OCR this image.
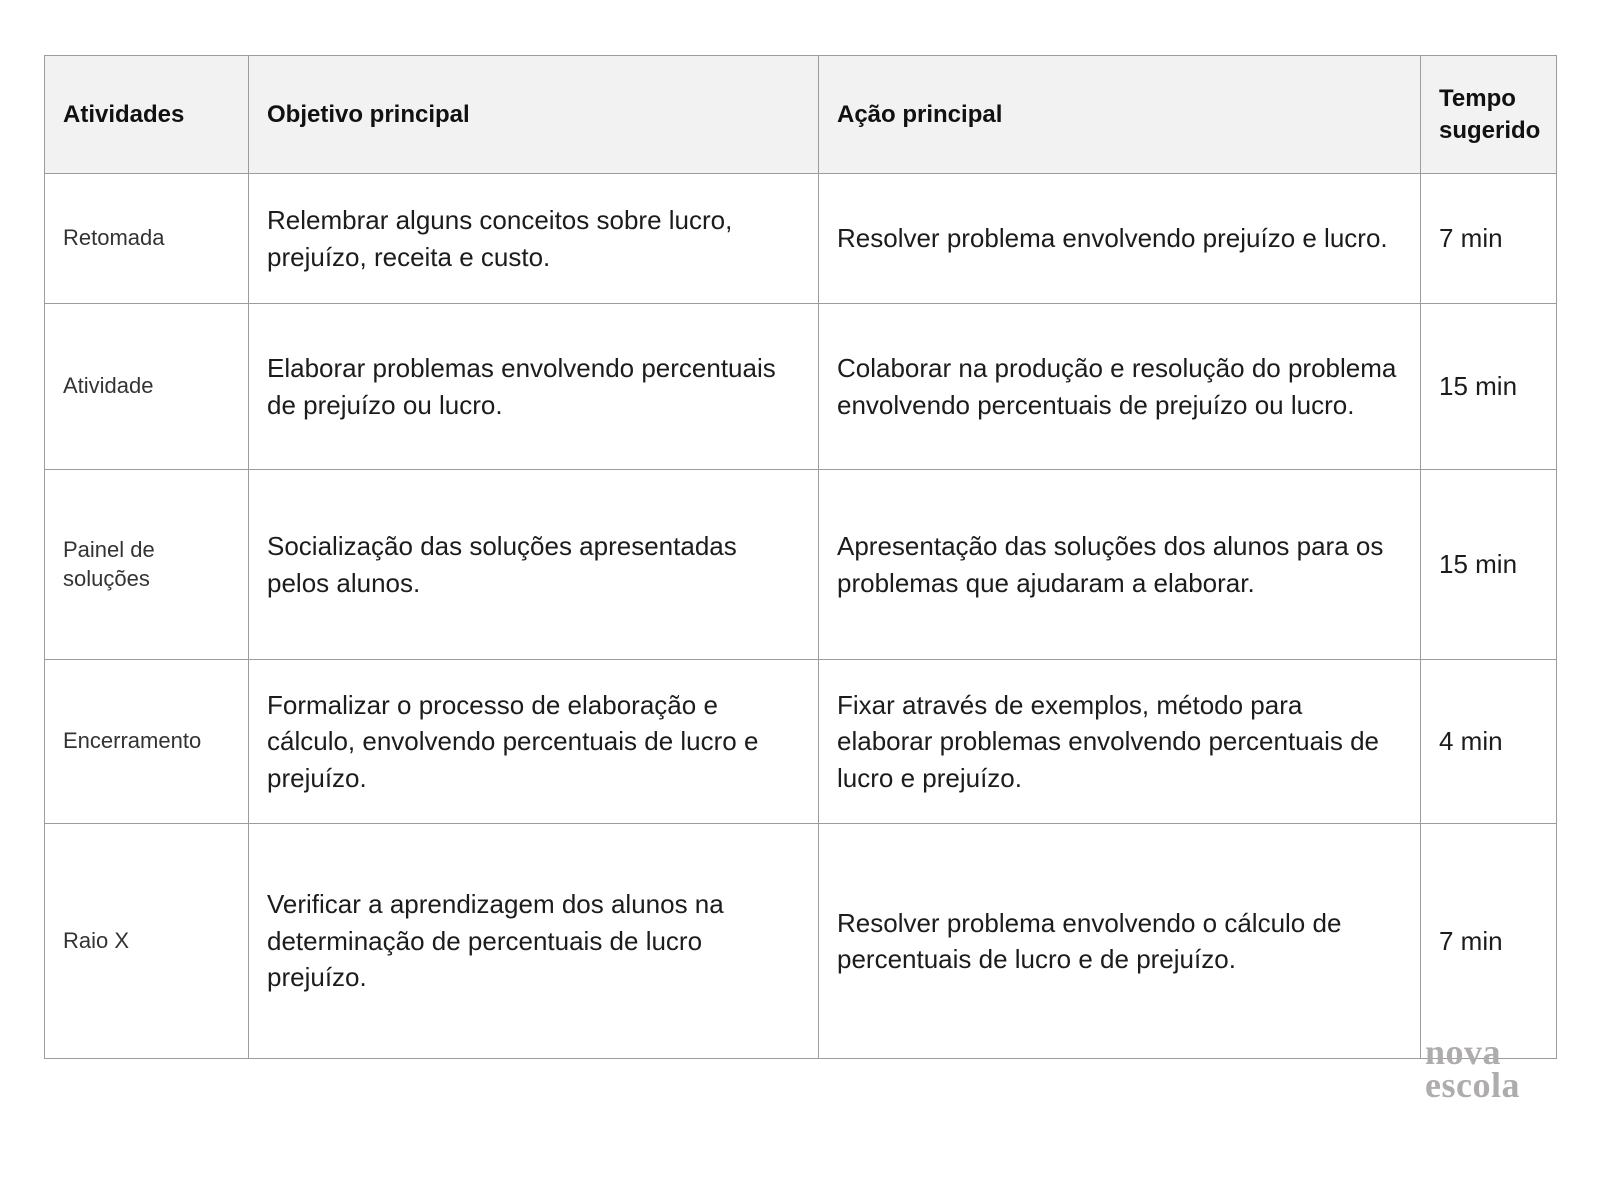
Atividades	Objetivo principal	Ação principal	Tempo sugerido
Retomada	Relembrar alguns conceitos sobre lucro, prejuízo, receita e custo.	Resolver problema envolvendo prejuízo e lucro.	7 min
Atividade	Elaborar problemas envolvendo percentuais de prejuízo ou lucro.	Colaborar na produção e resolução do problema envolvendo percentuais de prejuízo ou lucro.	15 min
Painel de soluções	Socialização das soluções apresentadas pelos alunos.	Apresentação das soluções dos alunos para os problemas que ajudaram a elaborar.	15 min
Encerramento	Formalizar o processo de elaboração e cálculo, envolvendo percentuais de lucro e prejuízo.	Fixar através de exemplos, método para elaborar problemas envolvendo percentuais de lucro e prejuízo.	4 min
Raio X	Verificar a aprendizagem dos alunos na determinação de percentuais de lucro prejuízo.	Resolver problema envolvendo o cálculo de percentuais de lucro e de prejuízo.	7 min
nova
escola
